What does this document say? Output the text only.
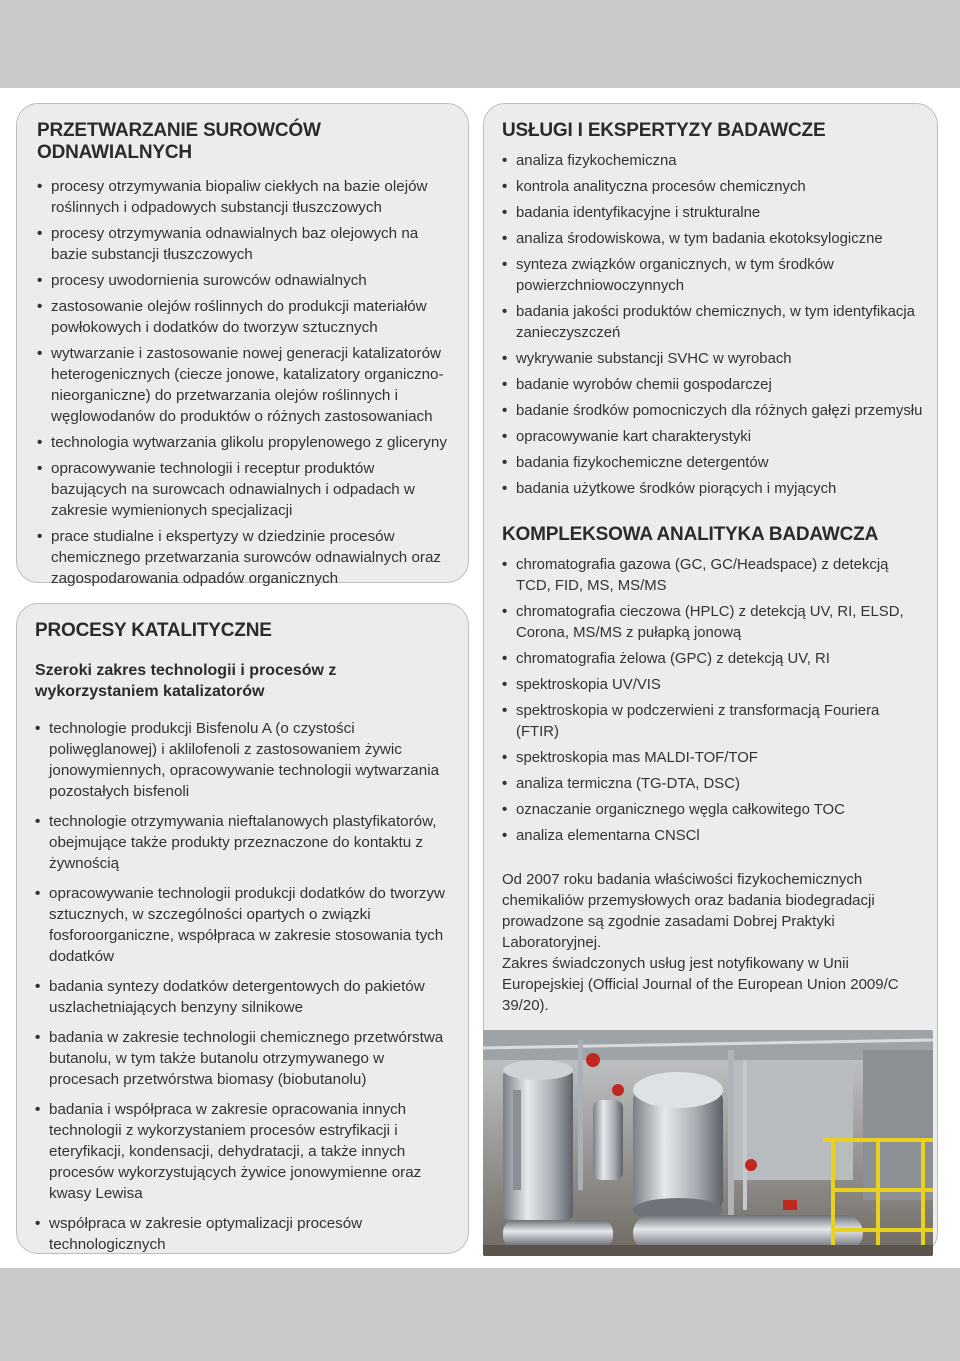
PRZETWARZANIE SUROWCÓW ODNAWIALNYCH
• procesy otrzymywania biopaliw ciekłych na bazie olejów roślinnych i odpadowych substancji tłuszczowych
• procesy otrzymywania odnawialnych baz olejowych na bazie substancji tłuszczowych
• procesy uwodornienia surowców odnawialnych
• zastosowanie olejów roślinnych do produkcji materiałów powłokowych i dodatków do tworzyw sztucznych
• wytwarzanie i zastosowanie nowej generacji katalizatorów heterogenicznych (ciecze jonowe, katalizatory organiczno-nieorganiczne) do przetwarzania olejów roślinnych i węglowodanów do produktów o różnych zastosowaniach
• technologia wytwarzania glikolu propylenowego z gliceryny
• opracowywanie technologii i receptur produktów bazujących na surowcach odnawialnych i odpadach w zakresie wymienionych specjalizacji
• prace studialne i ekspertyzy w dziedzinie procesów chemicznego przetwarzania surowców odnawialnych oraz zagospodarowania odpadów organicznych
PROCESY KATALITYCZNE

Szeroki zakres technologii i procesów z wykorzystaniem katalizatorów

• technologie produkcji Bisfenolu A (o czystości poliwęglanowej) i aklilofenoli z zastosowaniem żywic jonowymiennych, opracowywanie technologii wytwarzania pozostałych bisfenoli
• technologie otrzymywania nieftalanowych plastyfikatorów, obejmujące także produkty przeznaczone do kontaktu z żywnością
• opracowywanie technologii produkcji dodatków do tworzyw sztucznych, w szczególności opartych o związki fosforoorganiczne, współpraca w zakresie stosowania tych dodatków
• badania syntezy dodatków detergentowych do pakietów uszlachetniających benzyny silnikowe
• badania w zakresie technologii chemicznego przetwórstwa butanolu, w tym także butanolu otrzymywanego w procesach przetwórstwa biomasy (biobutanolu)
• badania i współpraca w zakresie opracowania innych technologii z wykorzystaniem procesów estryfikacji i eteryfikacji, kondensacji, dehydratacji, a także innych procesów wykorzystujących żywice jonowymienne oraz kwasy Lewisa
• współpraca w zakresie optymalizacji procesów technologicznych
USŁUGI I EKSPERTYZY BADAWCZE
• analiza fizykochemiczna
• kontrola analityczna procesów chemicznych
• badania identyfikacyjne i strukturalne
• analiza środowiskowa, w tym badania ekotoksylogiczne
• synteza związków organicznych, w tym środków powierzchniowoczynnych
• badania jakości produktów chemicznych, w tym identyfikacja zanieczyszczeń
• wykrywanie substancji SVHC w wyrobach
• badanie wyrobów chemii gospodarczej
• badanie środków pomocniczych dla różnych gałęzi przemysłu
• opracowywanie kart charakterystyki
• badania fizykochemiczne detergentów
• badania użytkowe środków piorących i myjących
KOMPLEKSOWA ANALITYKA BADAWCZA
• chromatografia gazowa (GC, GC/Headspace) z detekcją TCD, FID, MS, MS/MS
• chromatografia cieczowa (HPLC) z detekcją UV, RI, ELSD, Corona, MS/MS z pułapką jonową
• chromatografia żelowa (GPC) z detekcją UV, RI
• spektroskopia UV/VIS
• spektroskopia w podczerwieni z transformacją Fouriera (FTIR)
• spektroskopia mas MALDI-TOF/TOF
• analiza termiczna (TG-DTA, DSC)
• oznaczanie organicznego węgla całkowitego TOC
• analiza elementarna CNSCl

Od 2007 roku badania właściwości fizykochemicznych chemikaliów przemysłowych oraz badania biodegradacji prowadzone są zgodnie zasadami Dobrej Praktyki Laboratoryjnej.

Zakres świadczonych usług jest notyfikowany w Unii Europejskiej (Official Journal of the European Union 2009/C 39/20).
